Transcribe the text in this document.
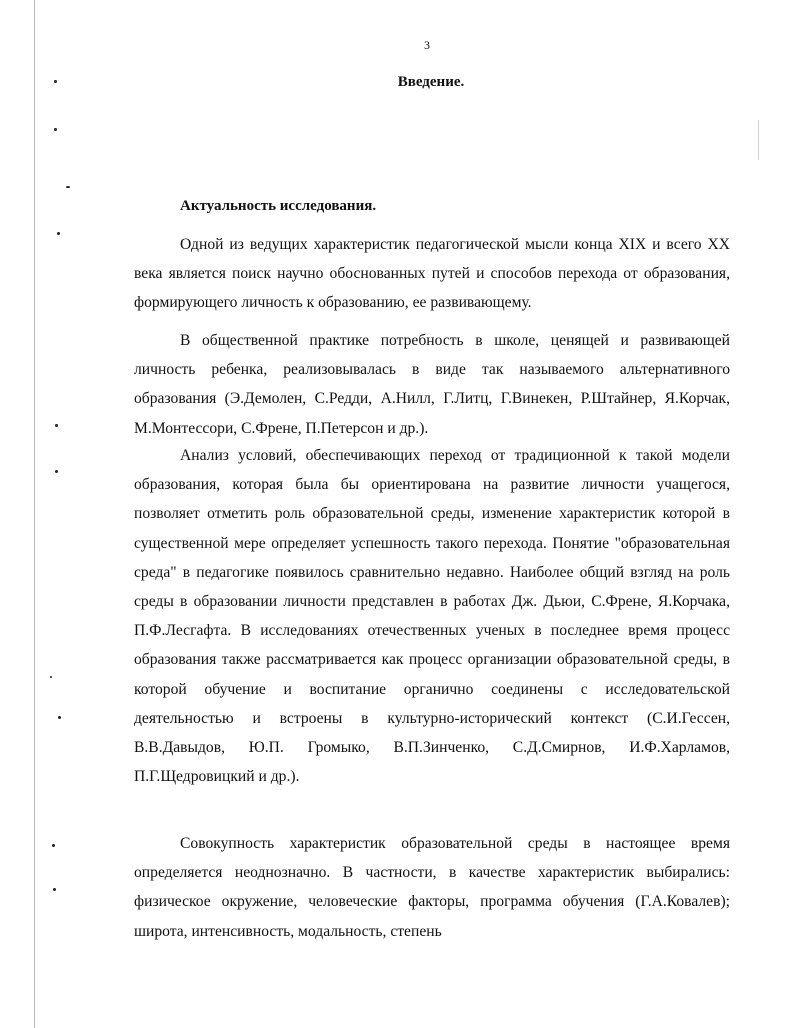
3
Введение.
Актуальность исследования.

Одной из ведущих характеристик педагогической мысли конца XIX и всего XX века является поиск научно обоснованных путей и способов перехода от образования, формирующего личность к образованию, ее развивающему.

В общественной практике потребность в школе, ценящей и развивающей личность ребенка, реализовывалась в виде так называемого альтернативного образования (Э.Демолен, С.Редди, А.Нилл, Г.Литц, Г.Винекен, Р.Штайнер, Я.Корчак, М.Монтессори, С.Френе, П.Петерсон и др.).

Анализ условий, обеспечивающих переход от традиционной к такой модели образования, которая была бы ориентирована на развитие личности учащегося, позволяет отметить роль образовательной среды, изменение характеристик которой в существенной мере определяет успешность такого перехода. Понятие "образовательная среда" в педагогике появилось сравнительно недавно. Наиболее общий взгляд на роль среды в образовании личности представлен в работах Дж. Дьюи, С.Френе, Я.Корчака, П.Ф.Лесгафта. В исследованиях отечественных ученых в последнее время процесс образования также рассматривается как процесс организации образовательной среды, в которой обучение и воспитание органично соединены с исследовательской деятельностью и встроены в культурно-исторический контекст (С.И.Гессен, В.В.Давыдов, Ю.П. Громыко, В.П.Зинченко, С.Д.Смирнов, И.Ф.Харламов, П.Г.Щедровицкий и др.).

Совокупность характеристик образовательной среды в настоящее время определяется неоднозначно. В частности, в качестве характеристик выбирались: физическое окружение, человеческие факторы, программа обучения (Г.А.Ковалев); широта, интенсивность, модальность, степень
